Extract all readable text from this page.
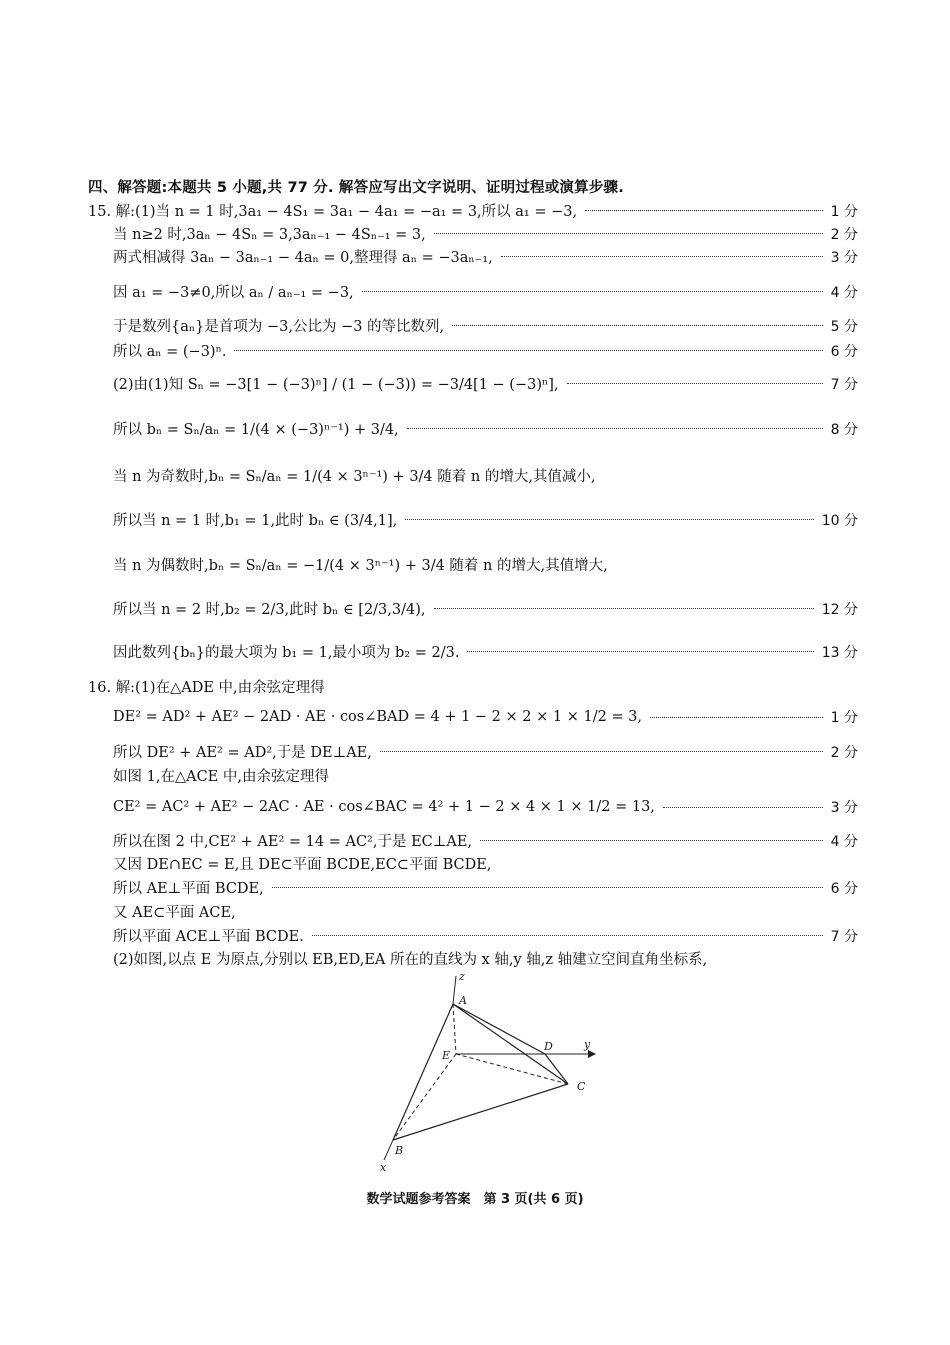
四、解答题:本题共 5 小题,共 77 分. 解答应写出文字说明、证明过程或演算步骤.
15. 解:(1)当 n = 1 时,3a₁ − 4S₁ = 3a₁ − 4a₁ = −a₁ = 3,所以 a₁ = −3,	1 分
当 n≥2 时,3aₙ − 4Sₙ = 3,3aₙ₋₁ − 4Sₙ₋₁ = 3,	2 分
两式相减得 3aₙ − 3aₙ₋₁ − 4aₙ = 0,整理得 aₙ = −3aₙ₋₁,	3 分
因 a₁ = −3≠0,所以 aₙ / aₙ₋₁ = −3,	4 分
于是数列{aₙ}是首项为 −3,公比为 −3 的等比数列,	5 分
所以 aₙ = (−3)ⁿ.	6 分
(2)由(1)知 Sₙ = −3[1 − (−3)ⁿ] / (1 − (−3)) = −3/4[1 − (−3)ⁿ],	7 分
所以 bₙ = Sₙ/aₙ = 1/(4 × (−3)ⁿ⁻¹) + 3/4,	8 分
当 n 为奇数时,bₙ = Sₙ/aₙ = 1/(4 × 3ⁿ⁻¹) + 3/4 随着 n 的增大,其值减小,
所以当 n = 1 时,b₁ = 1,此时 bₙ ∈ (3/4,1],	10 分
当 n 为偶数时,bₙ = Sₙ/aₙ = −1/(4 × 3ⁿ⁻¹) + 3/4 随着 n 的增大,其值增大,
所以当 n = 2 时,b₂ = 2/3,此时 bₙ ∈ [2/3,3/4),	12 分
因此数列{bₙ}的最大项为 b₁ = 1,最小项为 b₂ = 2/3.	13 分
16. 解:(1)在△ADE 中,由余弦定理得
DE² = AD² + AE² − 2AD · AE · cos∠BAD = 4 + 1 − 2 × 2 × 1 × 1/2 = 3,	1 分
所以 DE² + AE² = AD²,于是 DE⊥AE,	2 分
如图 1,在△ACE 中,由余弦定理得
CE² = AC² + AE² − 2AC · AE · cos∠BAC = 4² + 1 − 2 × 4 × 1 × 1/2 = 13,	3 分
所以在图 2 中,CE² + AE² = 14 = AC²,于是 EC⊥AE,	4 分
又因 DE∩EC = E,且 DE⊂平面 BCDE,EC⊂平面 BCDE,
所以 AE⊥平面 BCDE,	6 分
又 AE⊂平面 ACE,
所以平面 ACE⊥平面 BCDE.	7 分
(2)如图,以点 E 为原点,分别以 EB,ED,EA 所在的直线为 x 轴,y 轴,z 轴建立空间直角坐标系,
z
A
E
D	y
C
B
x
数学试题参考答案　第 3 页(共 6 页)
